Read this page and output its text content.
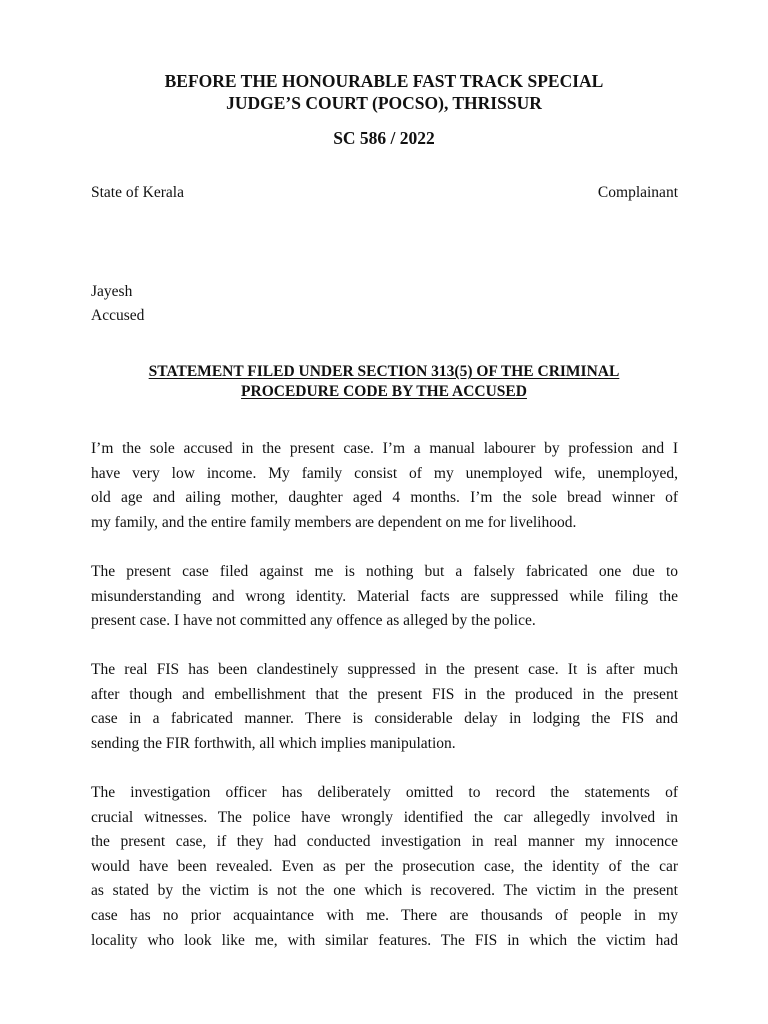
BEFORE THE HONOURABLE FAST TRACK SPECIAL
JUDGE’S COURT (POCSO), THRISSUR
SC 586 / 2022
State of Kerala	Complainant
Jayesh
Accused
STATEMENT FILED UNDER SECTION 313(5) OF THE CRIMINAL
PROCEDURE CODE BY THE ACCUSED
I’m the sole accused in the present case. I’m a manual labourer by profession and I
have very low income. My family consist of my unemployed wife, unemployed,
old age and ailing mother, daughter aged 4 months. I’m the sole bread winner of
my family, and the entire family members are dependent on me for livelihood.
The present case filed against me is nothing but a falsely fabricated one due to
misunderstanding and wrong identity. Material facts are suppressed while filing the
present case. I have not committed any offence as alleged by the police.
The real FIS has been clandestinely suppressed in the present case. It is after much
after though and embellishment that the present FIS in the produced in the present
case in a fabricated manner. There is considerable delay in lodging the FIS and
sending the FIR forthwith, all which implies manipulation.
The investigation officer has deliberately omitted to record the statements of
crucial witnesses. The police have wrongly identified the car allegedly involved in
the present case, if they had conducted investigation in real manner my innocence
would have been revealed. Even as per the prosecution case, the identity of the car
as stated by the victim is not the one which is recovered. The victim in the present
case has no prior acquaintance with me. There are thousands of people in my
locality who look like me, with similar features. The FIS in which the victim had
